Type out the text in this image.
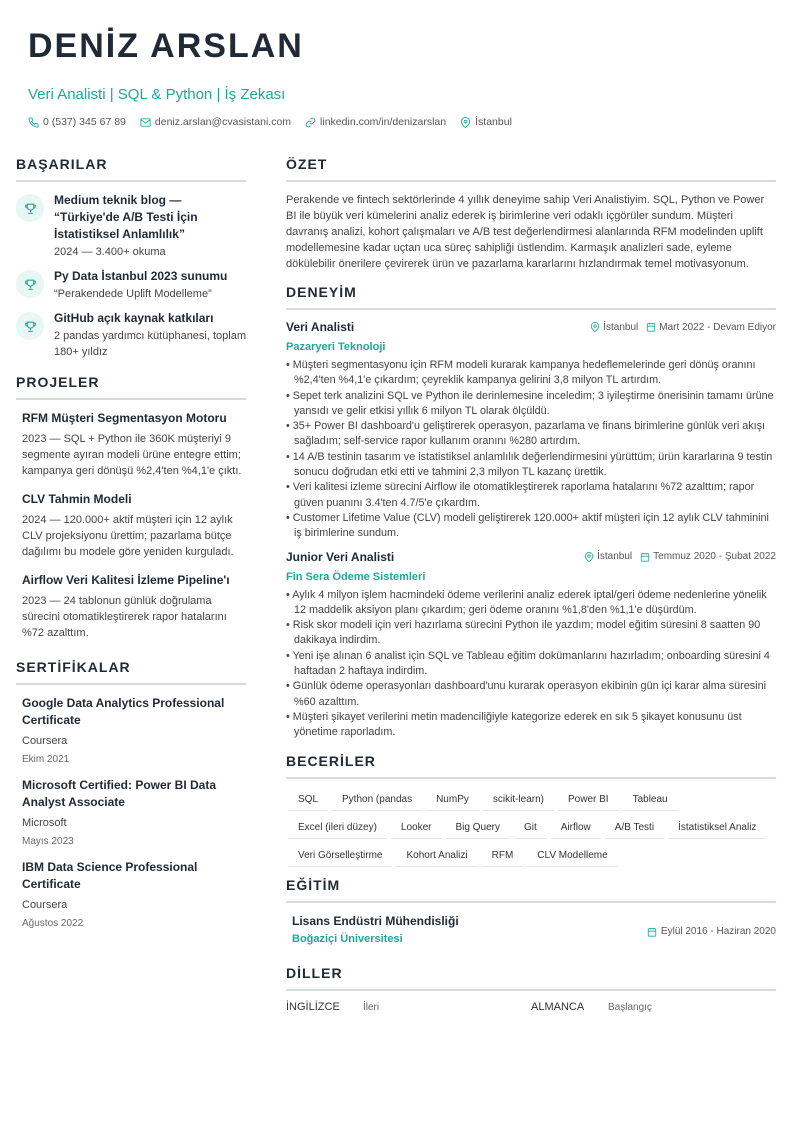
DENİZ ARSLAN
Veri Analisti | SQL & Python | İş Zekası
0 (537) 345 67 89	deniz.arslan@cvasistani.com	linkedin.com/in/denizarslan	İstanbul
BAŞARILAR
Medium teknik blog — “Türkiye'de A/B Testi İçin İstatistiksel Anlamlılık”
2024 — 3.400+ okuma
Py Data İstanbul 2023 sunumu
“Perakendede Uplift Modelleme”
GitHub açık kaynak katkıları
2 pandas yardımcı kütüphanesi, toplam 180+ yıldız
PROJELER
RFM Müşteri Segmentasyon Motoru
2023 — SQL + Python ile 360K müşteriyi 9 segmente ayıran modeli ürüne entegre ettim; kampanya geri dönüşü %2,4'ten %4,1'e çıktı.
CLV Tahmin Modeli
2024 — 120.000+ aktif müşteri için 12 aylık CLV projeksiyonu ürettim; pazarlama bütçe dağılımı bu modele göre yeniden kurguladı.
Airflow Veri Kalitesi İzleme Pipeline'ı
2023 — 24 tablonun günlük doğrulama sürecini otomatikleştirerek rapor hatalarını %72 azalttım.
SERTİFİKALAR
Google Data Analytics Professional Certificate
Coursera
Ekim 2021
Microsoft Certified: Power BI Data Analyst Associate
Microsoft
Mayıs 2023
IBM Data Science Professional Certificate
Coursera
Ağustos 2022
ÖZET
Perakende ve fintech sektörlerinde 4 yıllık deneyime sahip Veri Analistiyim. SQL, Python ve Power BI ile büyük veri kümelerini analiz ederek iş birimlerine veri odaklı içgörüler sundum. Müşteri davranış analizi, kohort çalışmaları ve A/B test değerlendirmesi alanlarında RFM modelinden uplift modellemesine kadar uçtan uca süreç sahipliği üstlendim. Karmaşık analizleri sade, eyleme dökülebilir önerilere çevirerek ürün ve pazarlama kararlarını hızlandırmak temel motivasyonum.
DENEYİM
Veri Analisti	İstanbul Mart 2022 - Devam Ediyor
Pazaryeri Teknoloji
• Müşteri segmentasyonu için RFM modeli kurarak kampanya hedeflemelerinde geri dönüş oranını %2,4'ten %4,1'e çıkardım; çeyreklik kampanya gelirini 3,8 milyon TL artırdım.
• Sepet terk analizini SQL ve Python ile derinlemesine inceledim; 3 iyileştirme önerisinin tamamı ürüne yansıdı ve gelir etkisi yıllık 6 milyon TL olarak ölçüldü.
• 35+ Power BI dashboard'u geliştirerek operasyon, pazarlama ve finans birimlerine günlük veri akışı sağladım; self-service rapor kullanım oranını %280 artırdım.
• 14 A/B testinin tasarım ve istatistiksel anlamlılık değerlendirmesini yürüttüm; ürün kararlarına 9 testin sonucu doğrudan etki etti ve tahmini 2,3 milyon TL kazanç ürettik.
• Veri kalitesi izleme sürecini Airflow ile otomatikleştirerek raporlama hatalarını %72 azalttım; rapor güven puanını 3.4'ten 4.7/5'e çıkardım.
• Customer Lifetime Value (CLV) modeli geliştirerek 120.000+ aktif müşteri için 12 aylık CLV tahminini iş birimlerine sundum.
Junior Veri Analisti	İstanbul Temmuz 2020 - Şubat 2022
Fin Sera Ödeme Sistemleri
• Aylık 4 milyon işlem hacmindeki ödeme verilerini analiz ederek iptal/geri ödeme nedenlerine yönelik 12 maddelik aksiyon planı çıkardım; geri ödeme oranını %1,8'den %1,1'e düşürdüm.
• Risk skor modeli için veri hazırlama sürecini Python ile yazdım; model eğitim süresini 8 saatten 90 dakikaya indirdim.
• Yeni işe alınan 6 analist için SQL ve Tableau eğitim dokümanlarını hazırladım; onboarding süresini 4 haftadan 2 haftaya indirdim.
• Günlük ödeme operasyonları dashboard'unu kurarak operasyon ekibinin gün içi karar alma süresini %60 azalttım.
• Müşteri şikayet verilerini metin madenciliğiyle kategorize ederek en sık 5 şikayet konusunu üst yönetime raporladım.
BECERİLER
SQL	Python (pandas	NumPy	scikit-learn)	Power BI	Tableau
Excel (ileri düzey)	Looker	Big Query	Git	Airflow	A/B Testi	İstatistiksel Analiz
Veri Görselleştirme	Kohort Analizi	RFM	CLV Modelleme
EĞİTİM
Lisans Endüstri Mühendisliği
Boğaziçi Üniversitesi
Eylül 2016 - Haziran 2020
DİLLER
İNGİLİZCE	İleri	ALMANCA	Başlangıç
